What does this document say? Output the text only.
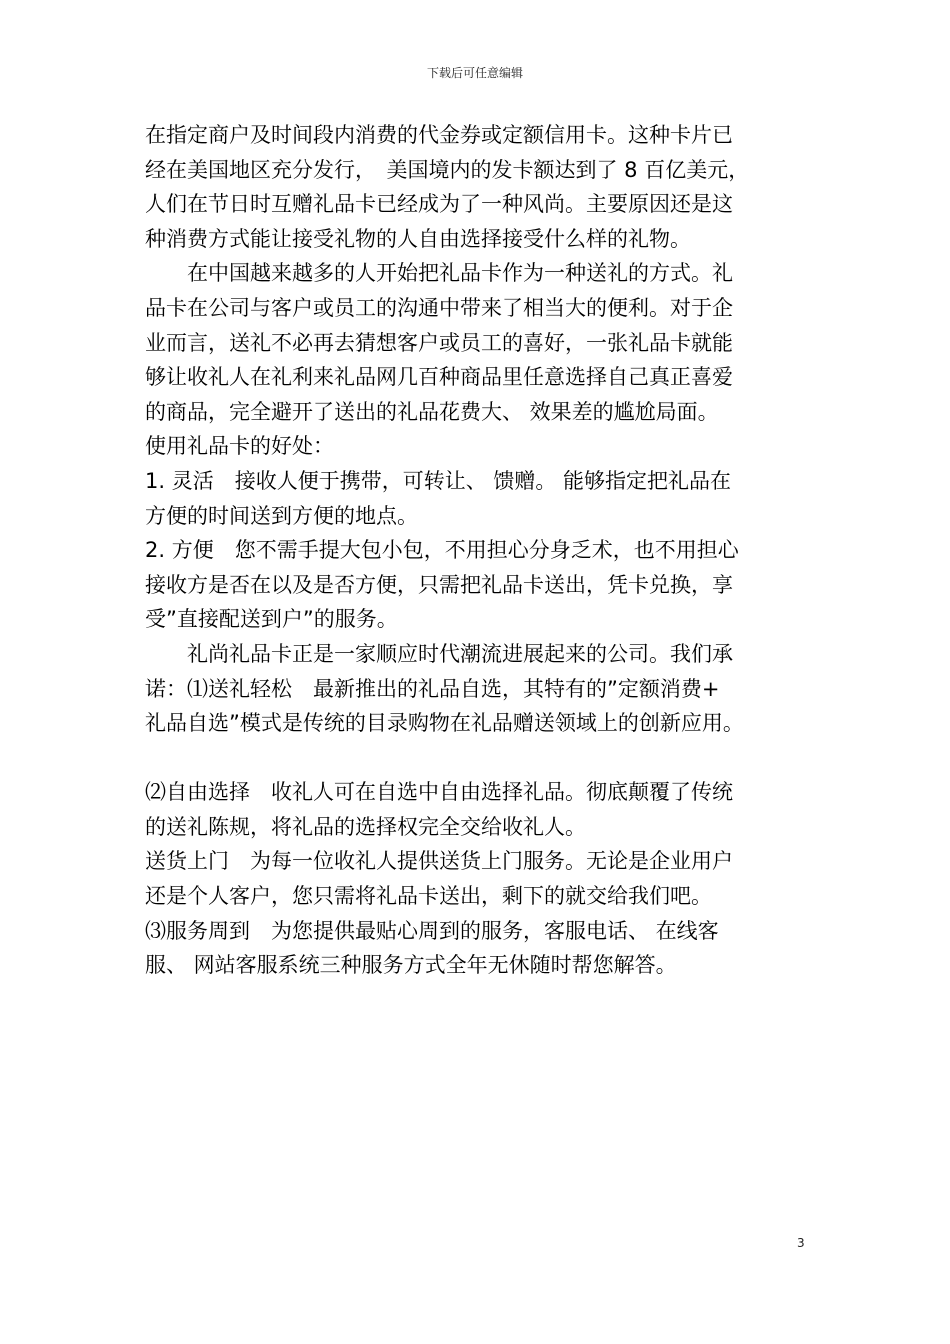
下载后可任意编辑
在指定商户及时间段内消费的代金券或定额信用卡。这种卡片已
经在美国地区充分发行，　美国境内的发卡额达到了 8 百亿美元，
人们在节日时互赠礼品卡已经成为了一种风尚。主要原因还是这
种消费方式能让接受礼物的人自由选择接受什么样的礼物。
　　在中国越来越多的人开始把礼品卡作为一种送礼的方式。礼
品卡在公司与客户或员工的沟通中带来了相当大的便利。对于企
业而言，送礼不必再去猜想客户或员工的喜好，一张礼品卡就能
够让收礼人在礼利来礼品网几百种商品里任意选择自己真正喜爱
的商品，完全避开了送出的礼品花费大、 效果差的尴尬局面。
使用礼品卡的好处：
1. 灵活　接收人便于携带，可转让、 馈赠。 能够指定把礼品在
方便的时间送到方便的地点。
2. 方便　您不需手提大包小包，不用担心分身乏术，也不用担心
接收方是否在以及是否方便，只需把礼品卡送出，凭卡兑换，享
受”直接配送到户”的服务。
　　礼尚礼品卡正是一家顺应时代潮流进展起来的公司。我们承
诺：⑴送礼轻松　最新推出的礼品自选，其特有的”定额消费+
礼品自选”模式是传统的目录购物在礼品赠送领域上的创新应用。
⑵自由选择　收礼人可在自选中自由选择礼品。彻底颠覆了传统
的送礼陈规，将礼品的选择权完全交给收礼人。
送货上门　为每一位收礼人提供送货上门服务。无论是企业用户
还是个人客户，您只需将礼品卡送出，剩下的就交给我们吧。
⑶服务周到　为您提供最贴心周到的服务，客服电话、 在线客
服、 网站客服系统三种服务方式全年无休随时帮您解答。
3
